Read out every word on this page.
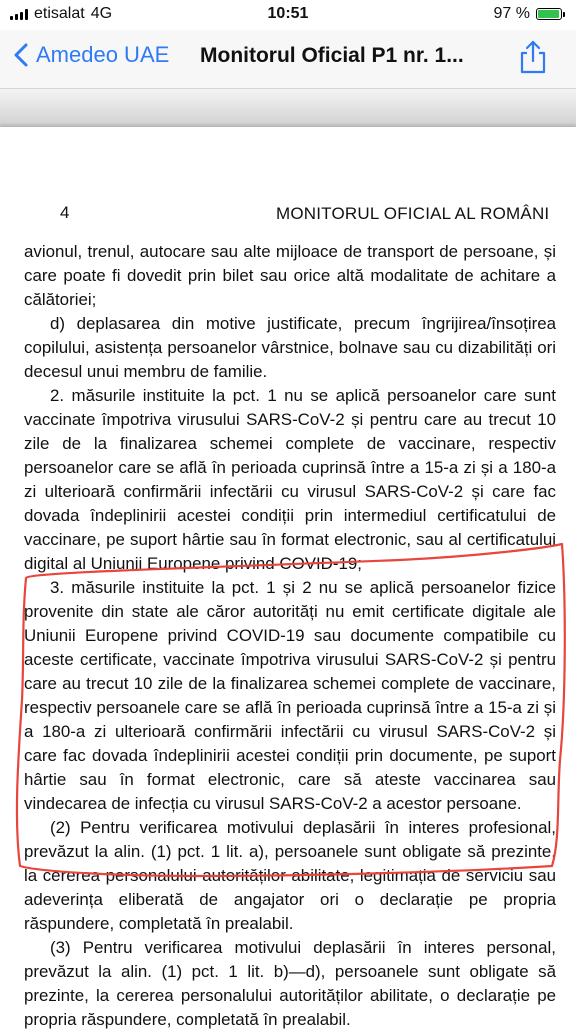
etisalat 4G	10:51	97 %
Amedeo UAE Monitorul Oficial P1 nr. 1...
4	MONITORUL OFICIAL AL ROMÂNI

avionul, trenul, autocare sau alte mijloace de transport de persoane, și care poate fi dovedit prin bilet sau orice altă modalitate de achitare a călătoriei;

d) deplasarea din motive justificate, precum îngrijirea/însoțirea copilului, asistența persoanelor vârstnice, bolnave sau cu dizabilități ori decesul unui membru de familie.

2. măsurile instituite la pct. 1 nu se aplică persoanelor care sunt vaccinate împotriva virusului SARS-CoV-2 și pentru care au trecut 10 zile de la finalizarea schemei complete de vaccinare, respectiv persoanelor care se află în perioada cuprinsă între a 15-a zi și a 180-a zi ulterioară confirmării infectării cu virusul SARS-CoV-2 și care fac dovada îndeplinirii acestei condiții prin intermediul certificatului de vaccinare, pe suport hârtie sau în format electronic, sau al certificatului digital al Uniunii Europene privind COVID-19;

3. măsurile instituite la pct. 1 și 2 nu se aplică persoanelor fizice provenite din state ale căror autorități nu emit certificate digitale ale Uniunii Europene privind COVID-19 sau documente compatibile cu aceste certificate, vaccinate împotriva virusului SARS-CoV-2 și pentru care au trecut 10 zile de la finalizarea schemei complete de vaccinare, respectiv persoanele care se află în perioada cuprinsă între a 15-a zi și a 180-a zi ulterioară confirmării infectării cu virusul SARS-CoV-2 și care fac dovada îndeplinirii acestei condiții prin documente, pe suport hârtie sau în format electronic, care să ateste vaccinarea sau vindecarea de infecția cu virusul SARS-CoV-2 a acestor persoane.

(2) Pentru verificarea motivului deplasării în interes profesional, prevăzut la alin. (1) pct. 1 lit. a), persoanele sunt obligate să prezinte, la cererea personalului autorităților abilitate, legitimația de serviciu sau adeverința eliberată de angajator ori o declarație pe propria răspundere, completată în prealabil.

(3) Pentru verificarea motivului deplasării în interes personal, prevăzut la alin. (1) pct. 1 lit. b)—d), persoanele sunt obligate să prezinte, la cererea personalului autorităților abilitate, o declarație pe propria răspundere, completată în prealabil.
